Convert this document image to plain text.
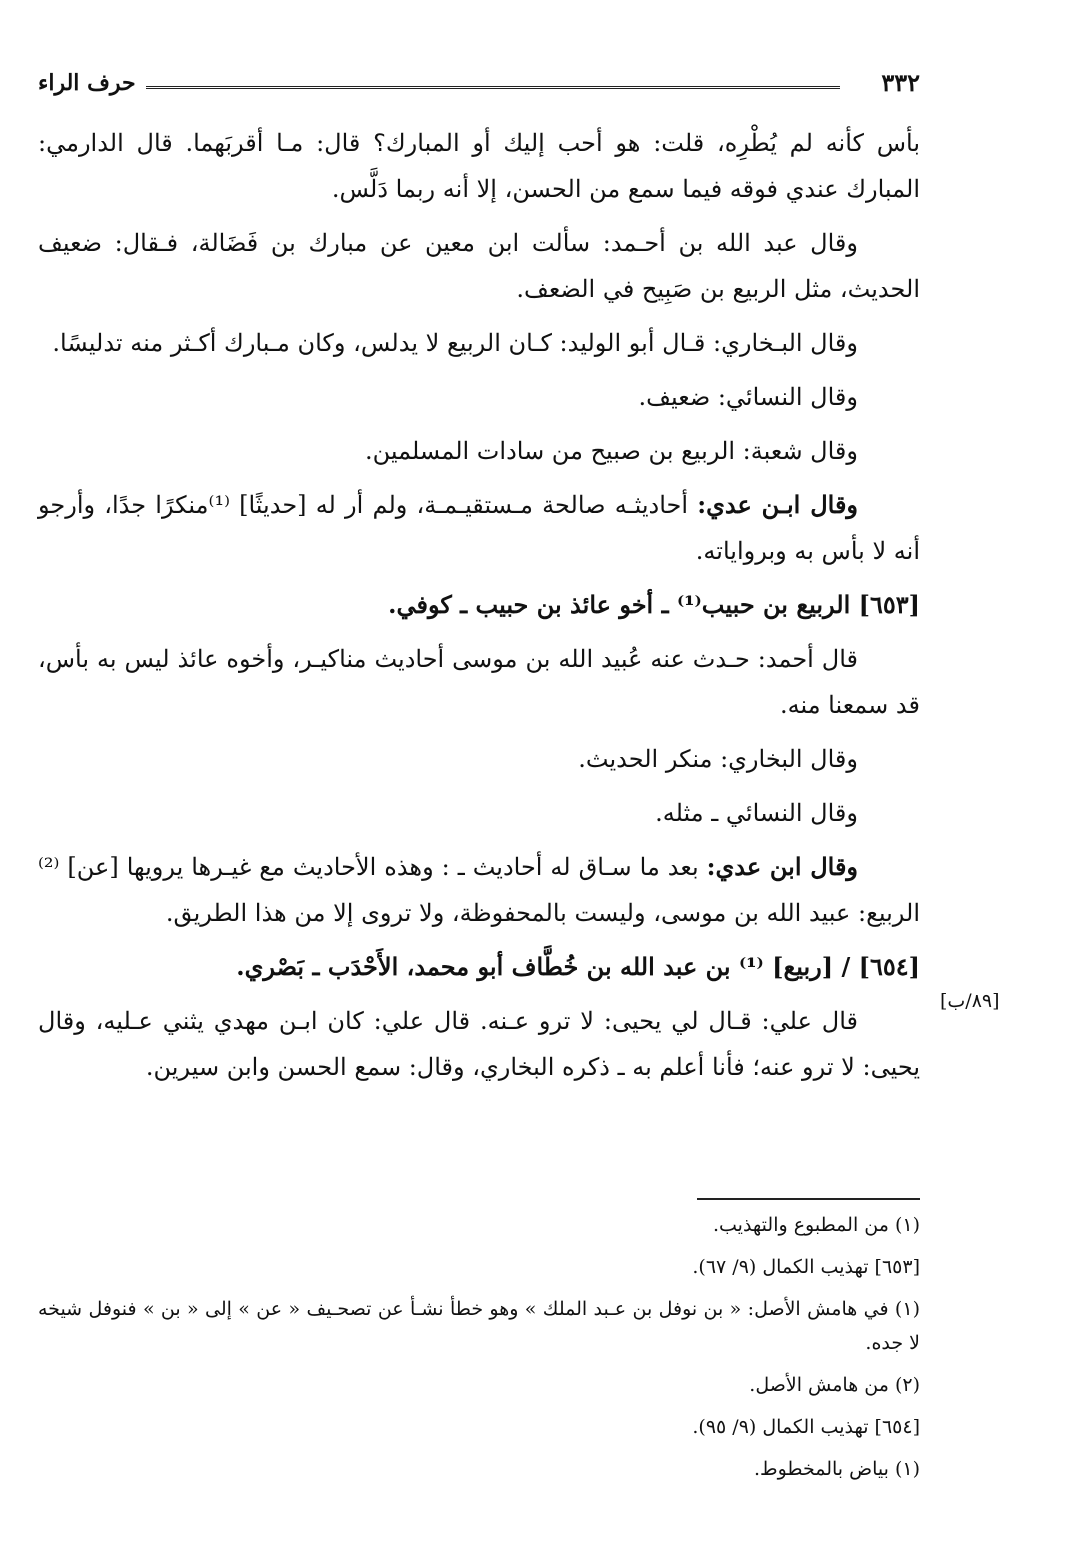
حرف الراء	٣٣٢

بأس كأنه لم يُطْرِه، قلت: هو أحب إليك أو المبارك؟ قال: مـا أقربَهما. قال الدارمي: المبارك عندي فوقه فيما سمع من الحسن، إلا أنه ربما دَلَّس.

وقال عبد الله بن أحـمد: سألت ابن معين عن مبارك بن فَضَالة، فـقال: ضعيف الحديث، مثل الربيع بن صَبِيح في الضعف.

وقال البـخاري: قـال أبو الوليد: كـان الربيع لا يدلس، وكان مـبارك أكـثر منه تدليسًا.

وقال النسائي: ضعيف.

وقال شعبة: الربيع بن صبيح من سادات المسلمين.

وقال ابـن عدي: أحاديثـه صالحة مـستقيـمـة، ولم أر له [حديثًا] ⁽¹⁾منكرًا جدًا، وأرجو أنه لا بأس به وبرواياته.

[٦٥٣] الربيع بن حبيب⁽¹⁾ ـ أخو عائذ بن حبيب ـ كوفي.

قال أحمد: حـدث عنه عُبيد الله بن موسى أحاديث مناكيـر، وأخوه عائذ ليس به بأس، قد سمعنا منه.

وقال البخاري: منكر الحديث.

وقال النسائي ـ مثله.

وقال ابن عدي: بعد ما سـاق له أحاديث ـ : وهذه الأحاديث مع غيـرها يرويها [عن] ⁽²⁾ الربيع: عبيد الله بن موسى، وليست بالمحفوظة، ولا تروى إلا من هذا الطريق.

[٦٥٤] / [ربيع] ⁽¹⁾ بن عبد الله بن خُطَّاف أبو محمد، الأَحْدَب ـ بَصْري.

قال علي: قـال لي يحيى: لا ترو عـنه. قال علي: كان ابـن مهدي يثني عـليه، وقال يحيى: لا ترو عنه؛ فأنا أعلم به ـ ذكره البخاري، وقال: سمع الحسن وابن سيرين.

[٨٩/ب]

(١) من المطبوع والتهذيب.

[٦٥٣] تهذيب الكمال (٩/ ٦٧).

(١) في هامش الأصل: « بن نوفل بن عـبد الملك » وهو خطأ نشـأ عن تصحـيف « عن » إلى « بن » فنوفل شيخه لا جده.

(٢) من هامش الأصل.

[٦٥٤] تهذيب الكمال (٩/ ٩٥).

(١) بياض بالمخطوط.
